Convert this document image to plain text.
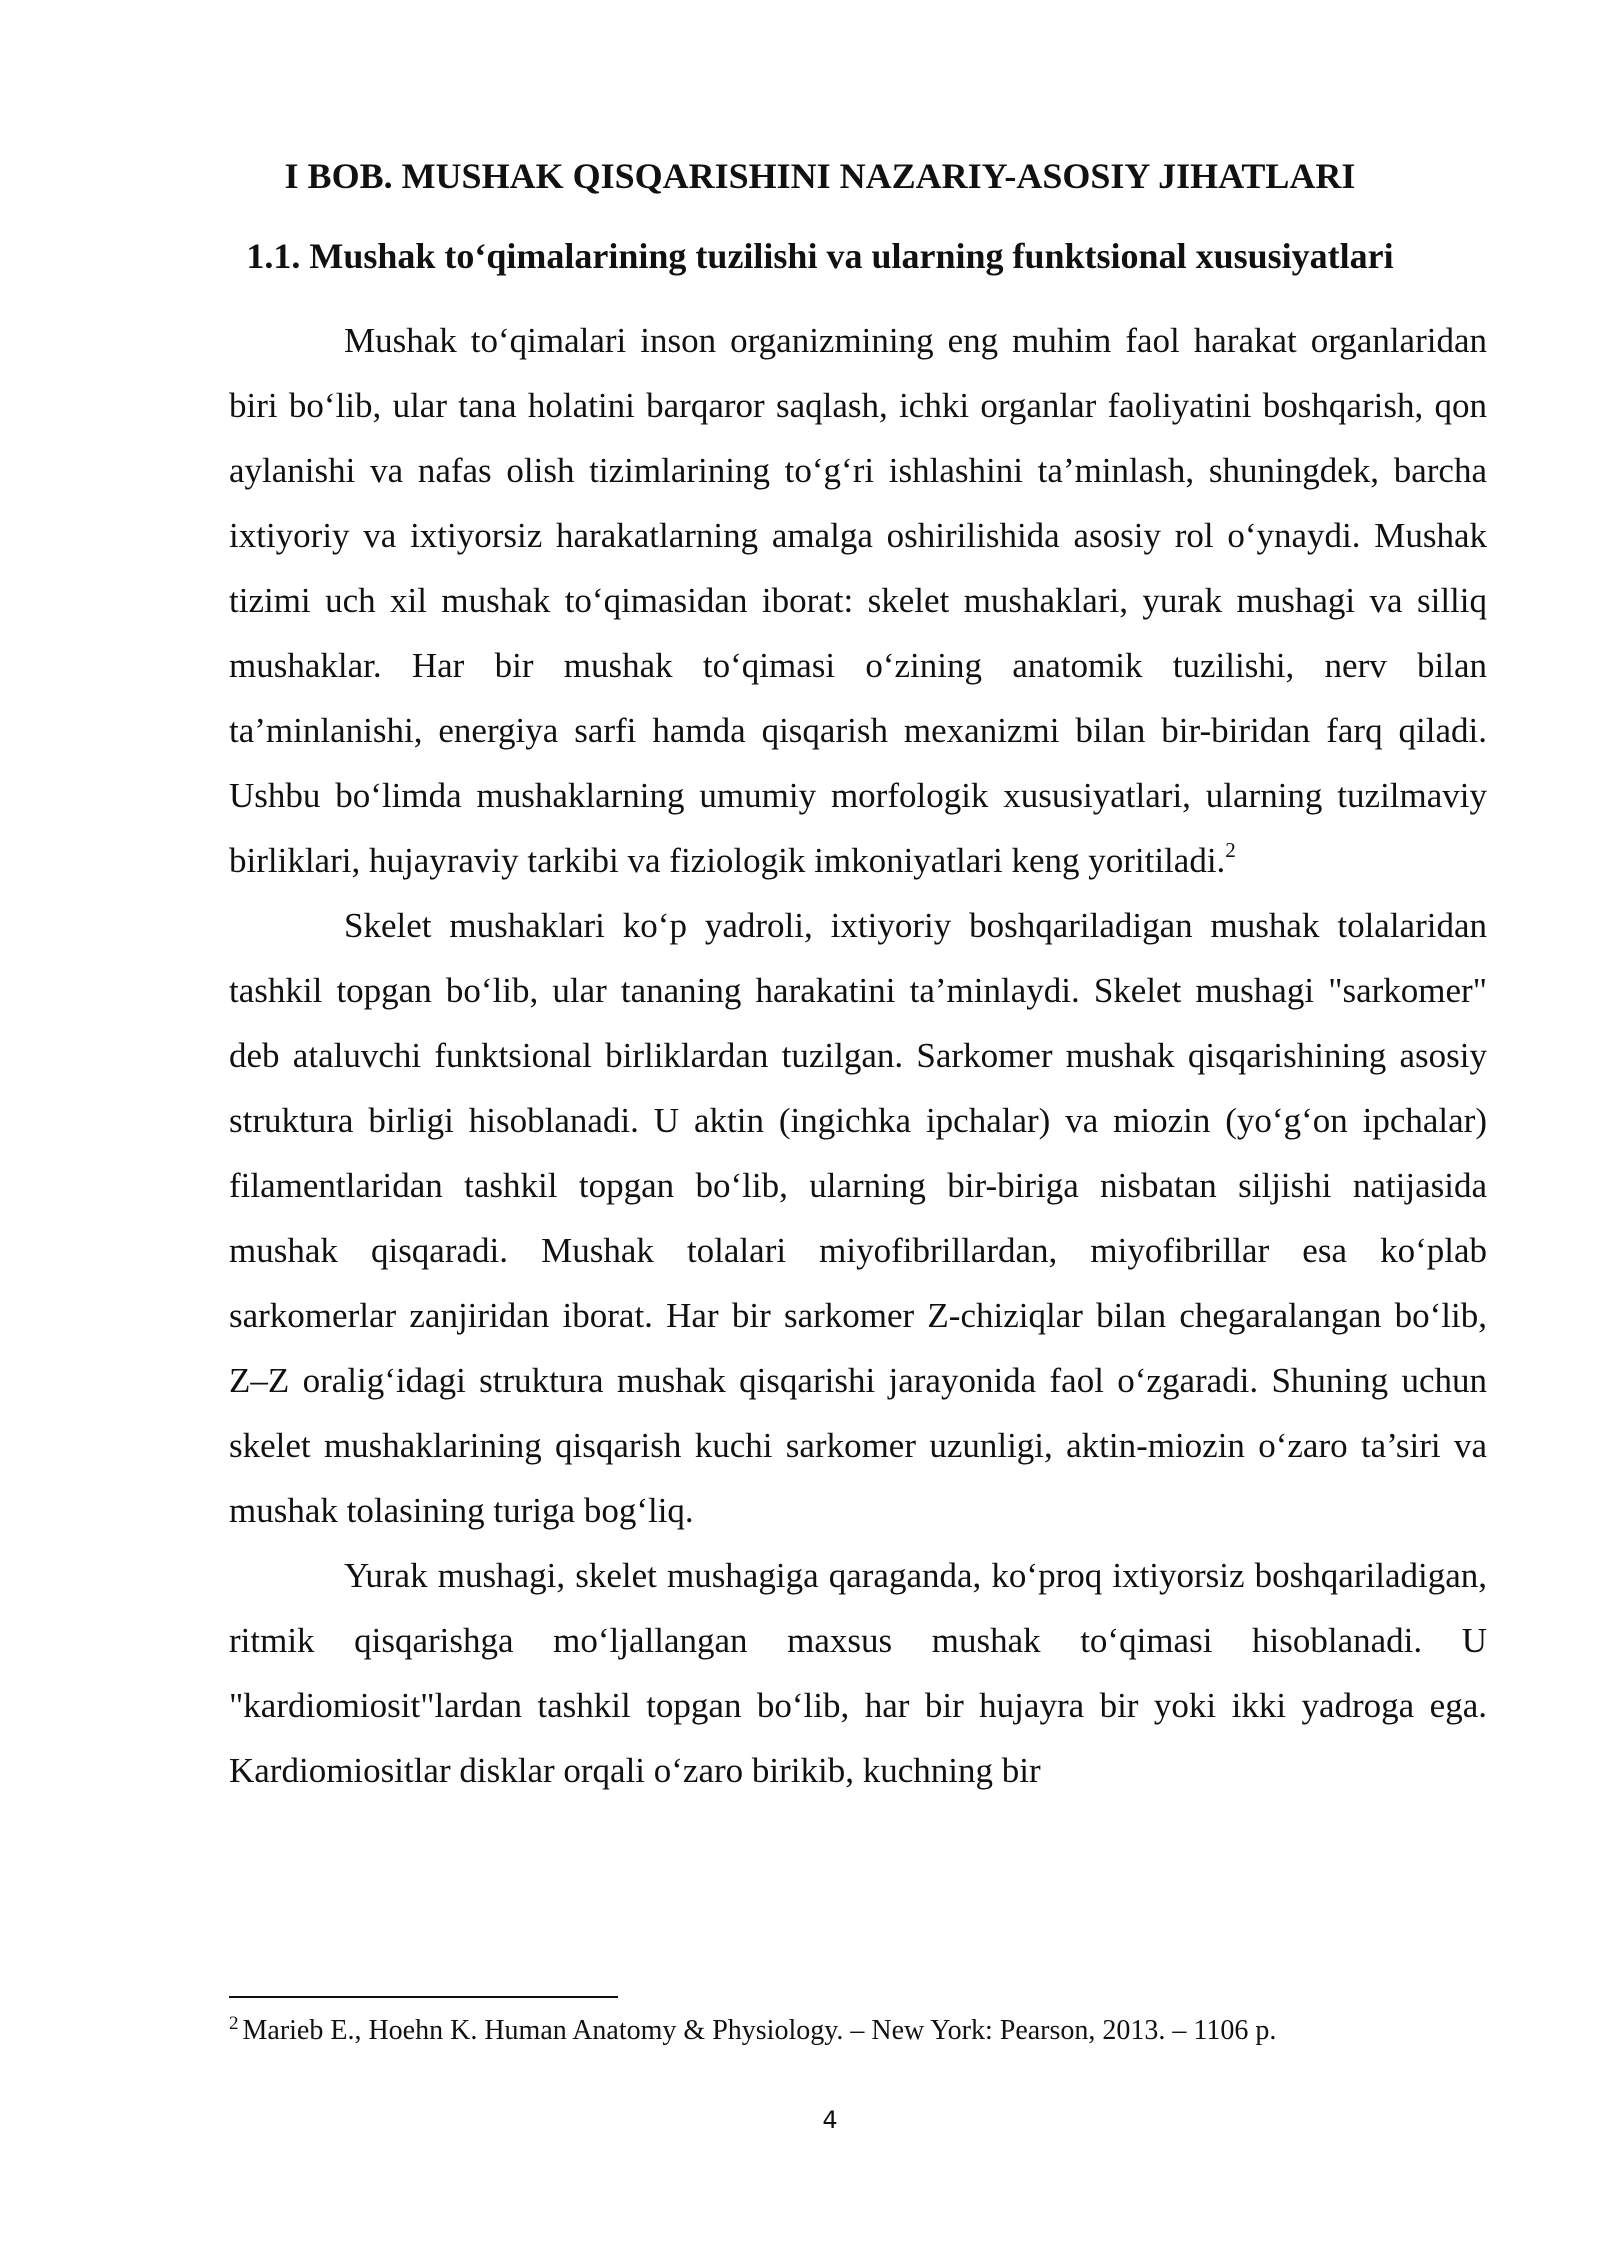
I BOB. MUSHAK QISQARISHINI NAZARIY-ASOSIY JIHATLARI
1.1. Mushak to‘qimalarining tuzilishi va ularning funktsional xususiyatlari

Mushak to‘qimalari inson organizmining eng muhim faol harakat organlaridan biri bo‘lib, ular tana holatini barqaror saqlash, ichki organlar faoliyatini boshqarish, qon aylanishi va nafas olish tizimlarining to‘g‘ri ishlashini ta’minlash, shuningdek, barcha ixtiyoriy va ixtiyorsiz harakatlarning amalga oshirilishida asosiy rol o‘ynaydi. Mushak tizimi uch xil mushak to‘qimasidan iborat: skelet mushaklari, yurak mushagi va silliq mushaklar. Har bir mushak to‘qimasi o‘zining anatomik tuzilishi, nerv bilan ta’minlanishi, energiya sarfi hamda qisqarish mexanizmi bilan bir-biridan farq qiladi. Ushbu bo‘limda mushaklarning umumiy morfologik xususiyatlari, ularning tuzilmaviy birliklari, hujayraviy tarkibi va fiziologik imkoniyatlari keng yoritiladi.$^2$

Skelet mushaklari ko‘p yadroli, ixtiyoriy boshqariladigan mushak tolalaridan tashkil topgan bo‘lib, ular tananing harakatini ta’minlaydi. Skelet mushagi "sarkomer" deb ataluvchi funktsional birliklardan tuzilgan. Sarkomer mushak qisqarishining asosiy struktura birligi hisoblanadi. U aktin (ingichka ipchalar) va miozin (yo‘g‘on ipchalar) filamentlaridan tashkil topgan bo‘lib, ularning bir-biriga nisbatan siljishi natijasida mushak qisqaradi. Mushak tolalari miyofibrillardan, miyofibrillar esa ko‘plab sarkomerlar zanjiridan iborat. Har bir sarkomer Z-chiziqlar bilan chegaralangan bo‘lib, Z–Z oralig‘idagi struktura mushak qisqarishi jarayonida faol o‘zgaradi. Shuning uchun skelet mushaklarining qisqarish kuchi sarkomer uzunligi, aktin-miozin o‘zaro ta’siri va mushak tolasining turiga bog‘liq.

Yurak mushagi, skelet mushagiga qaraganda, ko‘proq ixtiyorsiz boshqariladigan, ritmik qisqarishga mo‘ljallangan maxsus mushak to‘qimasi hisoblanadi. U "kardiomiosit"lardan tashkil topgan bo‘lib, har bir hujayra bir yoki ikki yadroga ega. Kardiomiositlar disklar orqali o‘zaro birikib, kuchning bir

$^2$ Marieb E., Hoehn K. Human Anatomy & Physiology. – New York: Pearson, 2013. – 1106 p.

4
